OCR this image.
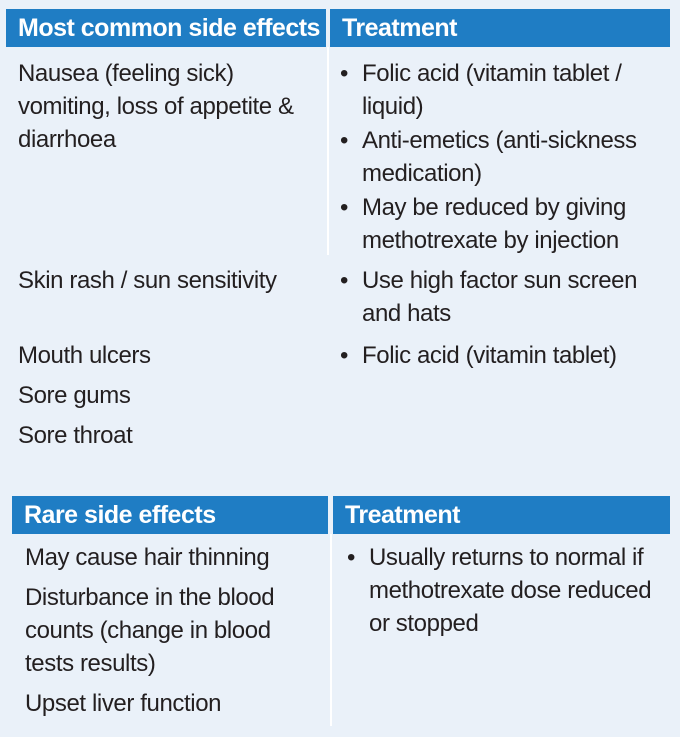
Most common side effects Treatment
Nausea (feeling sick) vomiting, loss of appetite & diarrhoea
• Folic acid (vitamin tablet / liquid)
• Anti-emetics (anti-sickness medication)
• May be reduced by giving methotrexate by injection
Skin rash / sun sensitivity
•	Use high factor sun screen and hats
Mouth ulcers
Sore gums
Sore throat
• Folic acid (vitamin tablet)
Rare side effects	Treatment
May cause hair thinning
Disturbance in the blood counts (change in blood tests results)
Upset liver function
• Usually returns to normal if methotrexate dose reduced or stopped
